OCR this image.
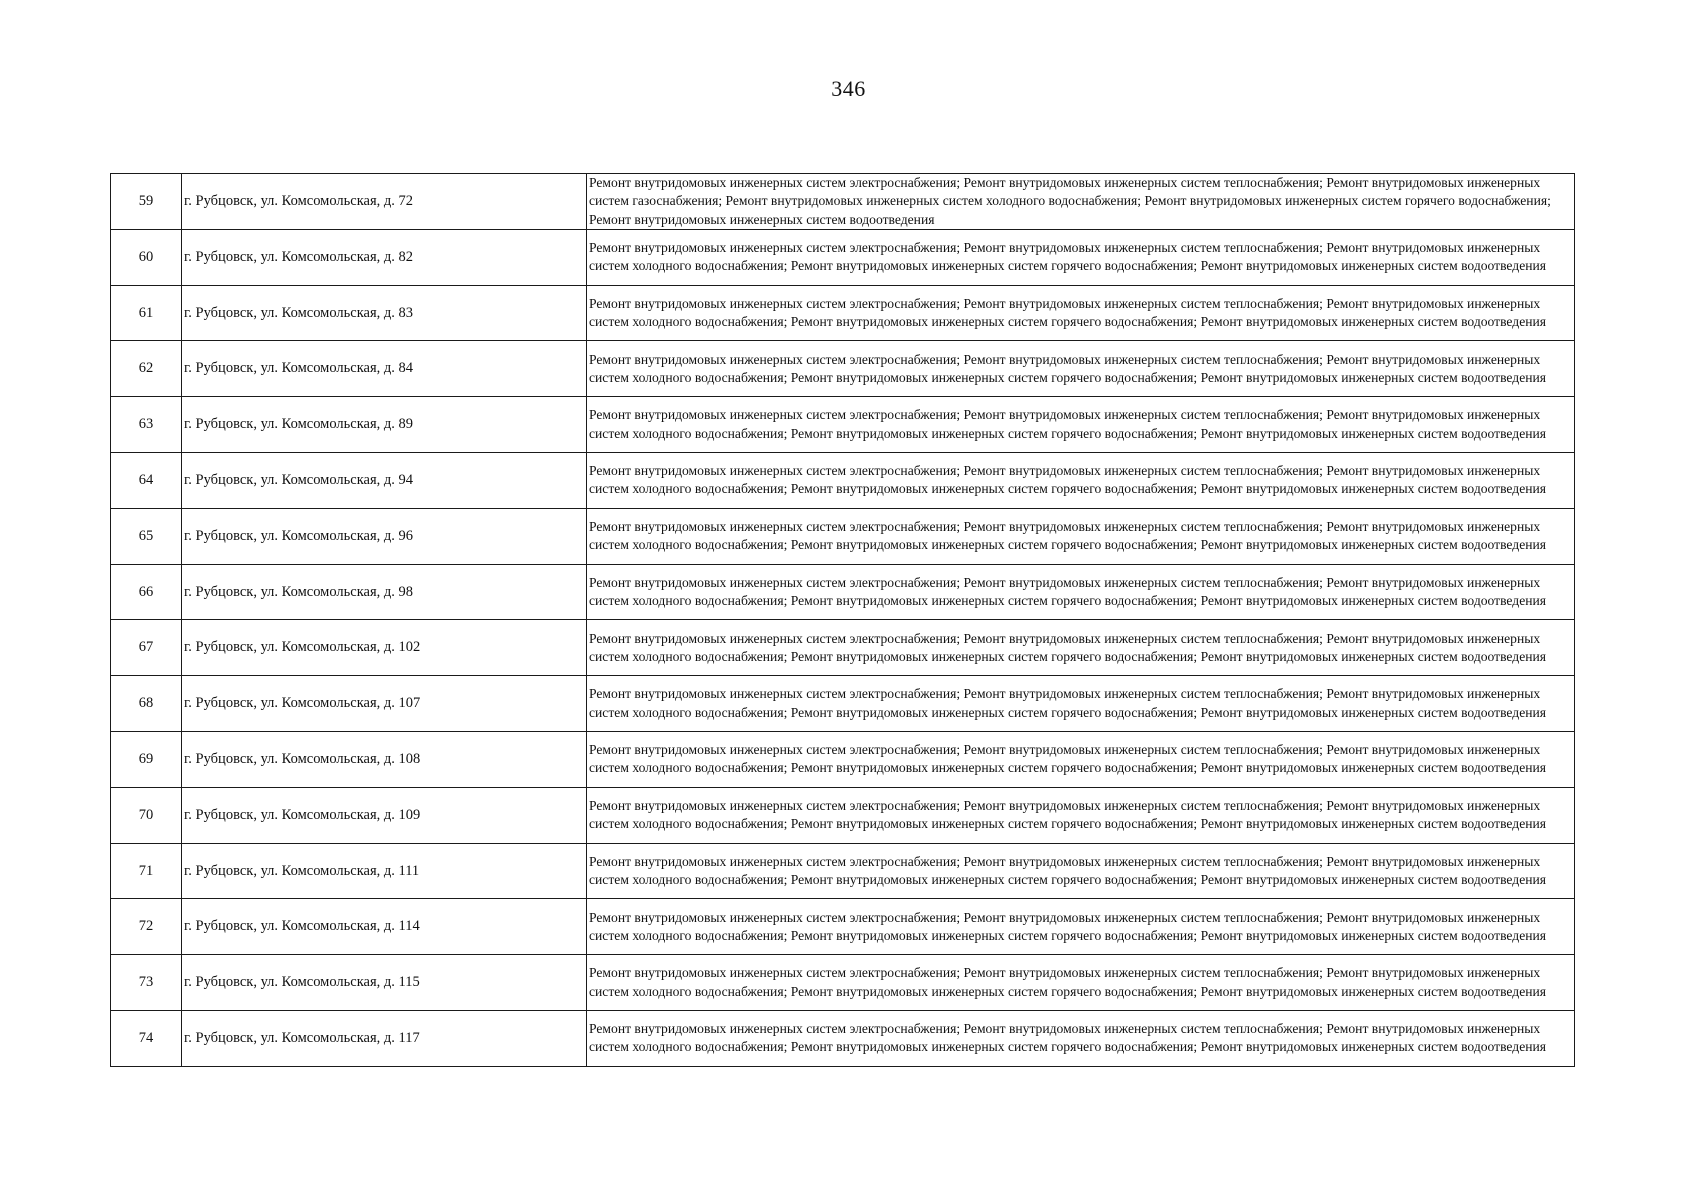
346
59	г. Рубцовск, ул. Комсомольская, д. 72	Ремонт внутридомовых инженерных систем электроснабжения; Ремонт внутридомовых инженерных систем теплоснабжения; Ремонт внутридомовых инженерных систем газоснабжения; Ремонт внутридомовых инженерных систем холодного водоснабжения; Ремонт внутридомовых инженерных систем горячего водоснабжения; Ремонт внутридомовых инженерных систем водоотведения
60	г. Рубцовск, ул. Комсомольская, д. 82	Ремонт внутридомовых инженерных систем электроснабжения; Ремонт внутридомовых инженерных систем теплоснабжения; Ремонт внутридомовых инженерных систем холодного водоснабжения; Ремонт внутридомовых инженерных систем горячего водоснабжения; Ремонт внутридомовых инженерных систем водоотведения
61	г. Рубцовск, ул. Комсомольская, д. 83	Ремонт внутридомовых инженерных систем электроснабжения; Ремонт внутридомовых инженерных систем теплоснабжения; Ремонт внутридомовых инженерных систем холодного водоснабжения; Ремонт внутридомовых инженерных систем горячего водоснабжения; Ремонт внутридомовых инженерных систем водоотведения
62	г. Рубцовск, ул. Комсомольская, д. 84	Ремонт внутридомовых инженерных систем электроснабжения; Ремонт внутридомовых инженерных систем теплоснабжения; Ремонт внутридомовых инженерных систем холодного водоснабжения; Ремонт внутридомовых инженерных систем горячего водоснабжения; Ремонт внутридомовых инженерных систем водоотведения
63	г. Рубцовск, ул. Комсомольская, д. 89	Ремонт внутридомовых инженерных систем электроснабжения; Ремонт внутридомовых инженерных систем теплоснабжения; Ремонт внутридомовых инженерных систем холодного водоснабжения; Ремонт внутридомовых инженерных систем горячего водоснабжения; Ремонт внутридомовых инженерных систем водоотведения
64	г. Рубцовск, ул. Комсомольская, д. 94	Ремонт внутридомовых инженерных систем электроснабжения; Ремонт внутридомовых инженерных систем теплоснабжения; Ремонт внутридомовых инженерных систем холодного водоснабжения; Ремонт внутридомовых инженерных систем горячего водоснабжения; Ремонт внутридомовых инженерных систем водоотведения
65	г. Рубцовск, ул. Комсомольская, д. 96	Ремонт внутридомовых инженерных систем электроснабжения; Ремонт внутридомовых инженерных систем теплоснабжения; Ремонт внутридомовых инженерных систем холодного водоснабжения; Ремонт внутридомовых инженерных систем горячего водоснабжения; Ремонт внутридомовых инженерных систем водоотведения
66	г. Рубцовск, ул. Комсомольская, д. 98	Ремонт внутридомовых инженерных систем электроснабжения; Ремонт внутридомовых инженерных систем теплоснабжения; Ремонт внутридомовых инженерных систем холодного водоснабжения; Ремонт внутридомовых инженерных систем горячего водоснабжения; Ремонт внутридомовых инженерных систем водоотведения
67	г. Рубцовск, ул. Комсомольская, д. 102	Ремонт внутридомовых инженерных систем электроснабжения; Ремонт внутридомовых инженерных систем теплоснабжения; Ремонт внутридомовых инженерных систем холодного водоснабжения; Ремонт внутридомовых инженерных систем горячего водоснабжения; Ремонт внутридомовых инженерных систем водоотведения
68	г. Рубцовск, ул. Комсомольская, д. 107	Ремонт внутридомовых инженерных систем электроснабжения; Ремонт внутридомовых инженерных систем теплоснабжения; Ремонт внутридомовых инженерных систем холодного водоснабжения; Ремонт внутридомовых инженерных систем горячего водоснабжения; Ремонт внутридомовых инженерных систем водоотведения
69	г. Рубцовск, ул. Комсомольская, д. 108	Ремонт внутридомовых инженерных систем электроснабжения; Ремонт внутридомовых инженерных систем теплоснабжения; Ремонт внутридомовых инженерных систем холодного водоснабжения; Ремонт внутридомовых инженерных систем горячего водоснабжения; Ремонт внутридомовых инженерных систем водоотведения
70	г. Рубцовск, ул. Комсомольская, д. 109	Ремонт внутридомовых инженерных систем электроснабжения; Ремонт внутридомовых инженерных систем теплоснабжения; Ремонт внутридомовых инженерных систем холодного водоснабжения; Ремонт внутридомовых инженерных систем горячего водоснабжения; Ремонт внутридомовых инженерных систем водоотведения
71	г. Рубцовск, ул. Комсомольская, д. 111	Ремонт внутридомовых инженерных систем электроснабжения; Ремонт внутридомовых инженерных систем теплоснабжения; Ремонт внутридомовых инженерных систем холодного водоснабжения; Ремонт внутридомовых инженерных систем горячего водоснабжения; Ремонт внутридомовых инженерных систем водоотведения
72	г. Рубцовск, ул. Комсомольская, д. 114	Ремонт внутридомовых инженерных систем электроснабжения; Ремонт внутридомовых инженерных систем теплоснабжения; Ремонт внутридомовых инженерных систем холодного водоснабжения; Ремонт внутридомовых инженерных систем горячего водоснабжения; Ремонт внутридомовых инженерных систем водоотведения
73	г. Рубцовск, ул. Комсомольская, д. 115	Ремонт внутридомовых инженерных систем электроснабжения; Ремонт внутридомовых инженерных систем теплоснабжения; Ремонт внутридомовых инженерных систем холодного водоснабжения; Ремонт внутридомовых инженерных систем горячего водоснабжения; Ремонт внутридомовых инженерных систем водоотведения
74	г. Рубцовск, ул. Комсомольская, д. 117	Ремонт внутридомовых инженерных систем электроснабжения; Ремонт внутридомовых инженерных систем теплоснабжения; Ремонт внутридомовых инженерных систем холодного водоснабжения; Ремонт внутридомовых инженерных систем горячего водоснабжения; Ремонт внутридомовых инженерных систем водоотведения
